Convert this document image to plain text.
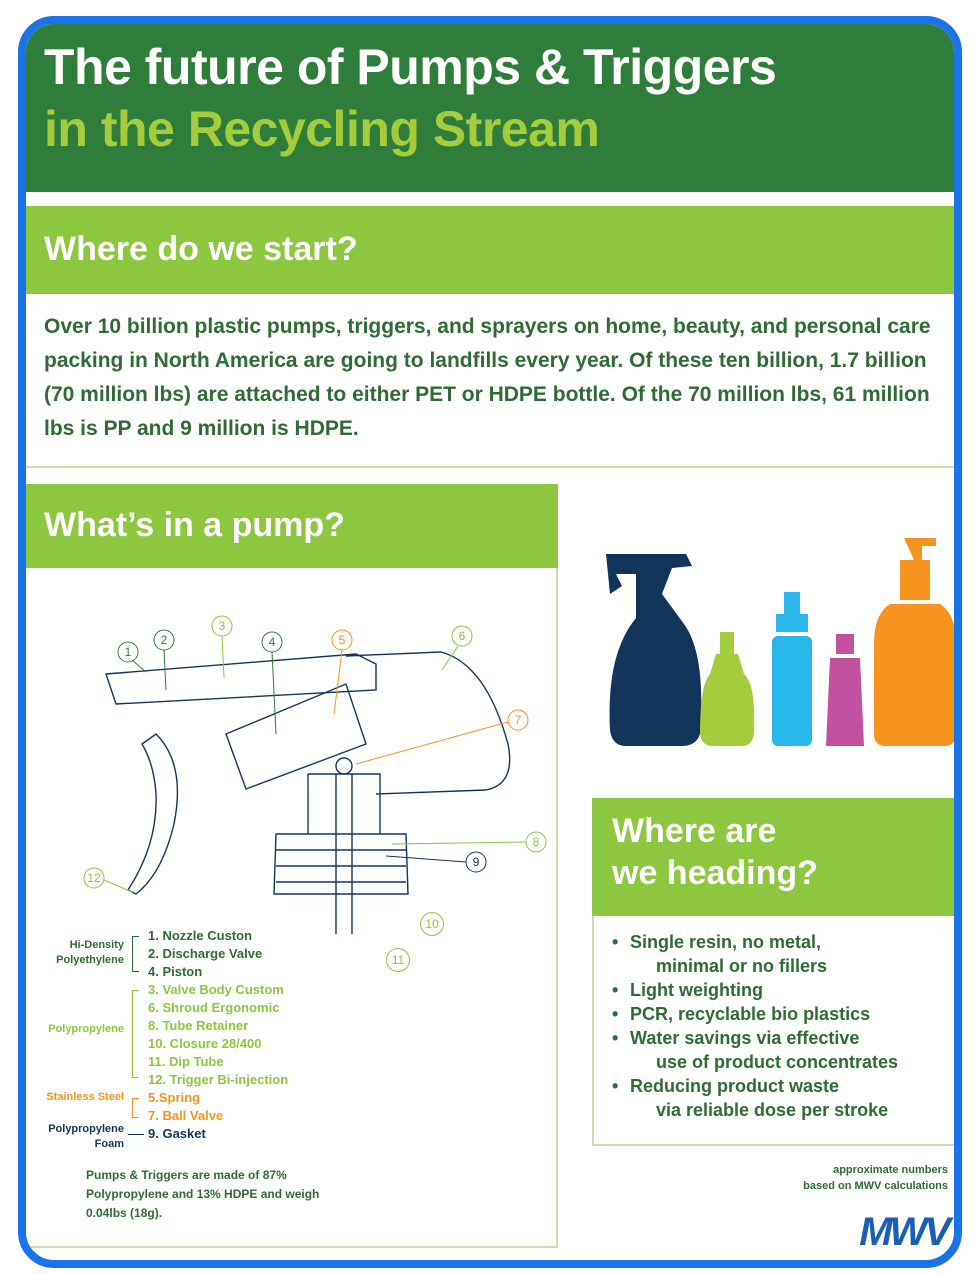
The future of Pumps & Triggers
in the Recycling Stream
Where do we start?
Over 10 billion plastic pumps, triggers, and sprayers on home, beauty, and personal care packing in North America are going to landfills every year. Of these ten billion, 1.7 billion (70 million lbs) are attached to either PET or HDPE bottle. Of the 70 million lbs, 61 million lbs is PP and 9 million is HDPE.
What’s in a pump?
1
2
3
4	5	6
7
8
9
12
10
11
Hi-Density Polyethylene
1. Nozzle Custon
2. Discharge Valve
4. Piston
Polypropylene
3. Valve Body Custom
6. Shroud Ergonomic
8. Tube Retainer
10. Closure 28/400
11. Dip Tube
12. Trigger Bi-injection
Stainless Steel 5.Spring
7. Ball Valve
Polypropylene Foam
9. Gasket
Pumps & Triggers are made of 87% Polypropylene and 13% HDPE and weigh 0.04lbs (18g).
Where are
we heading?
• Single resin, no metal,
minimal or no fillers
• Light weighting
• PCR, recyclable bio plastics
• Water savings via effective
use of product concentrates
• Reducing product waste
via reliable dose per stroke
approximate numbers
based on MWV calculations
MWV
